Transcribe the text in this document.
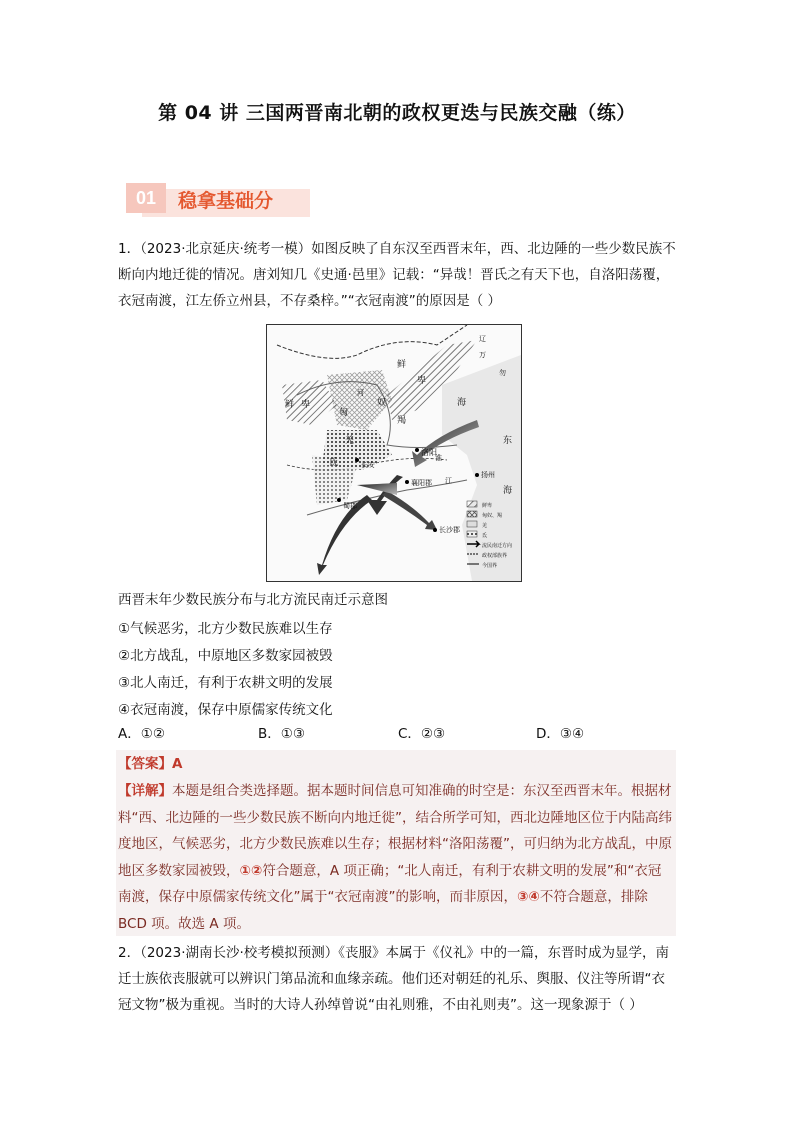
第 04 讲 三国两晋南北朝的政权更迭与民族交融（练）
01	稳拿基础分
1．（2023·北京延庆·统考一模）如图反映了自东汉至西晋末年，西、北边陲的一些少数民族不断向内地迁徙的情况。唐刘知几《史通·邑里》记载：“异哉！晋氏之有天下也，自洛阳荡覆，衣冠南渡，江左侨立州县，不存桑梓。”“衣冠南渡”的原因是（ ）
鲜
卑
辽
万
勿
鲜 卑
匈
奴
羯
羌
氐
河
淮
江
洛阳
长安
襄阳郡
蜀郡
长沙郡
扬州
东
海
海
鲜卑
匈奴、羯
羌
氐
流民南迁方向
政权部族界
今国界
西晋末年少数民族分布与北方流民南迁示意图
①气候恶劣，北方少数民族难以生存
②北方战乱，中原地区多数家园被毁
③北人南迁，有利于农耕文明的发展
④衣冠南渡，保存中原儒家传统文化
A．①②	B．①③	C．②③	D．③④
【答案】A
【详解】本题是组合类选择题。据本题时间信息可知准确的时空是：东汉至西晋末年。根据材料“西、北边陲的一些少数民族不断向内地迁徙”，结合所学可知，西北边陲地区位于内陆高纬度地区，气候恶劣，北方少数民族难以生存；根据材料“洛阳荡覆”，可归纳为北方战乱，中原地区多数家园被毁，①②符合题意，A 项正确；“北人南迁，有利于农耕文明的发展”和“衣冠南渡，保存中原儒家传统文化”属于“衣冠南渡”的影响，而非原因，③④不符合题意，排除 BCD 项。故选 A 项。
2．（2023·湖南长沙·校考模拟预测）《丧服》本属于《仪礼》中的一篇，东晋时成为显学，南迁士族依丧服就可以辨识门第品流和血缘亲疏。他们还对朝廷的礼乐、舆服、仪注等所谓“衣冠文物”极为重视。当时的大诗人孙绰曾说“由礼则雅，不由礼则夷”。这一现象源于（ ）
